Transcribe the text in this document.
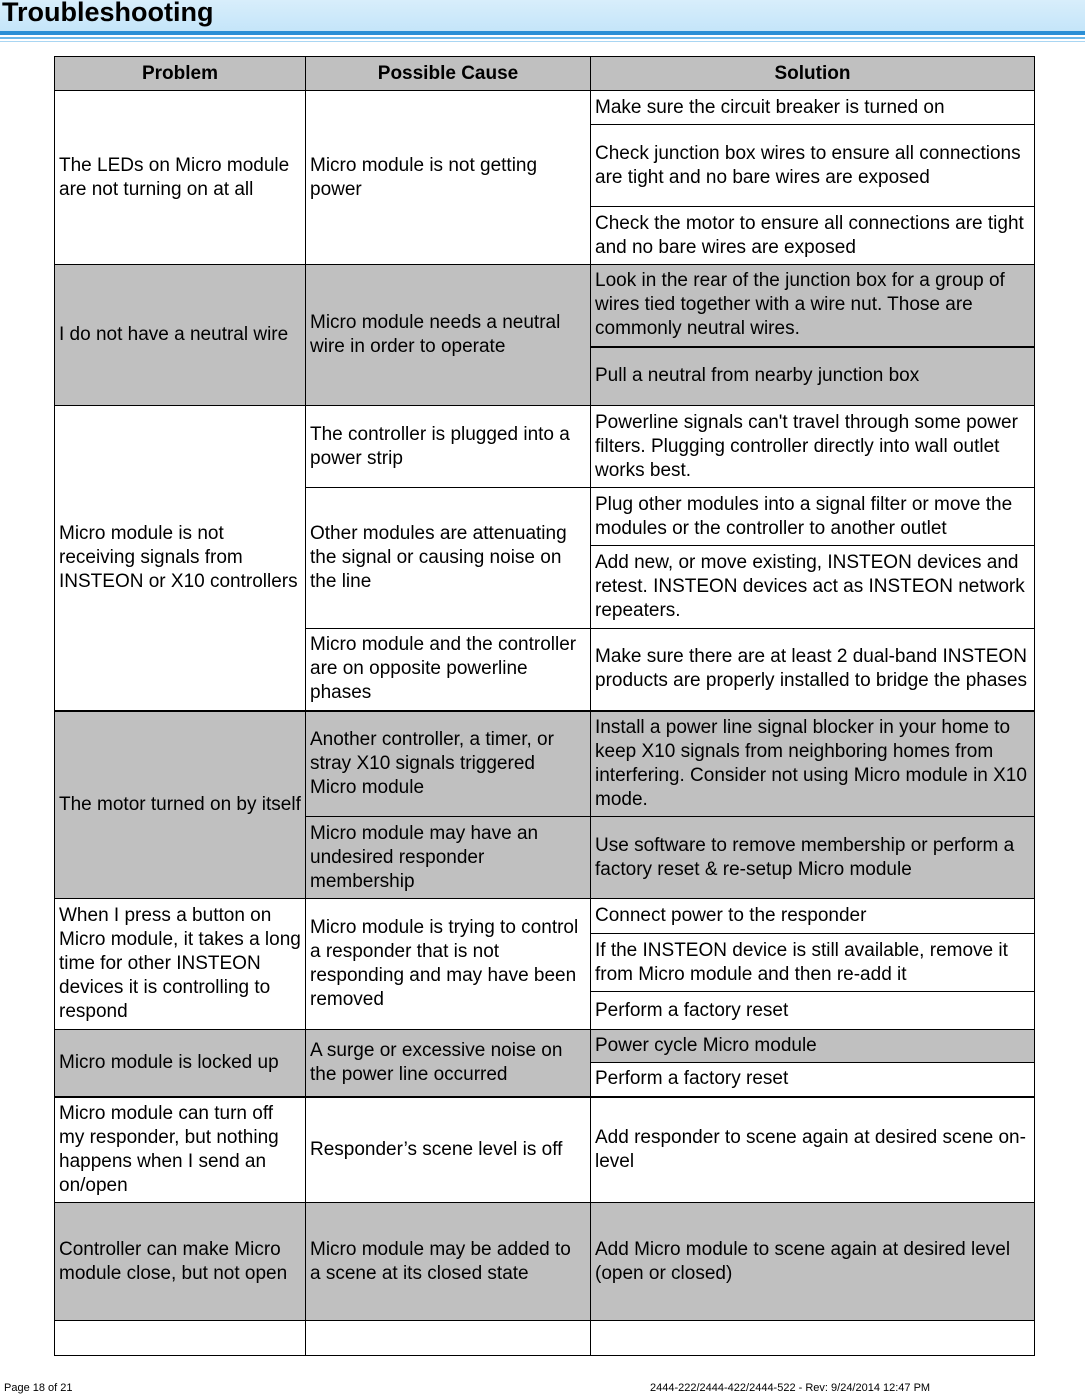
Troubleshooting
Problem	Possible Cause	Solution
The LEDs on Micro module are not turning on at all	Micro module is not getting power	Make sure the circuit breaker is turned on
		Check junction box wires to ensure all connections are tight and no bare wires are exposed
		Check the motor to ensure all connections are tight and no bare wires are exposed
I do not have a neutral wire	Micro module needs a neutral wire in order to operate	Look in the rear of the junction box for a group of wires tied together with a wire nut. Those are commonly neutral wires.
		Pull a neutral from nearby junction box
Micro module is not receiving signals from INSTEON or X10 controllers	The controller is plugged into a power strip	Powerline signals can't travel through some power filters. Plugging controller directly into wall outlet works best.
	Other modules are attenuating the signal or causing noise on the line	Plug other modules into a signal filter or move the modules or the controller to another outlet
		Add new, or move existing, INSTEON devices and retest. INSTEON devices act as INSTEON network repeaters.
	Micro module and the controller are on opposite powerline phases	Make sure there are at least 2 dual-band INSTEON products are properly installed to bridge the phases
The motor turned on by itself	Another controller, a timer, or stray X10 signals triggered Micro module	Install a power line signal blocker in your home to keep X10 signals from neighboring homes from interfering. Consider not using Micro module in X10 mode.
	Micro module may have an undesired responder membership	Use software to remove membership or perform a factory reset & re-setup Micro module
When I press a button on Micro module, it takes a long time for other INSTEON devices it is controlling to respond	Micro module is trying to control a responder that is not responding and may have been removed	Connect power to the responder
		If the INSTEON device is still available, remove it from Micro module and then re-add it
		Perform a factory reset
Micro module is locked up	A surge or excessive noise on the power line occurred	Power cycle Micro module
		Perform a factory reset
Micro module can turn off my responder, but nothing happens when I send an on/open	Responder’s scene level is off	Add responder to scene again at desired scene on-level
Controller can make Micro module close, but not open	Micro module may be added to a scene at its closed state	Add Micro module to scene again at desired level (open or closed)

Page 18 of 21	2444-222/2444-422/2444-522 - Rev: 9/24/2014 12:47 PM
